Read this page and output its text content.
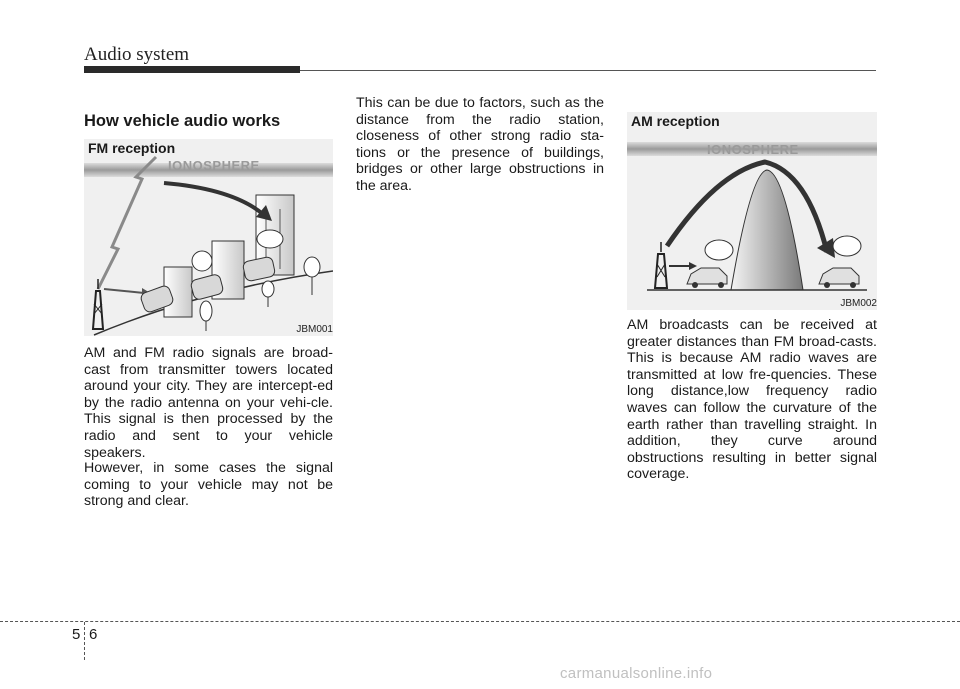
Audio system
How vehicle audio works
FM reception
IONOSPHERE
JBM001

AM and FM radio signals are broad-cast from transmitter towers located around your city. They are intercept-ed by the radio antenna on your vehi-cle. This signal is then processed by the radio and sent to your vehicle speakers.

However, in some cases the signal coming to your vehicle may not be strong and clear.

This can be due to factors, such as the distance from the radio station, closeness of other strong radio sta-tions or the presence of buildings, bridges or other large obstructions in the area.

AM reception
IONOSPHERE
JBM002

AM broadcasts can be received at greater distances than FM broad-casts. This is because AM radio waves are transmitted at low fre-quencies. These long distance,low frequency radio waves can follow the curvature of the earth rather than travelling straight. In addition, they curve around obstructions resulting in better signal coverage.

5 6
carmanualsonline.info
